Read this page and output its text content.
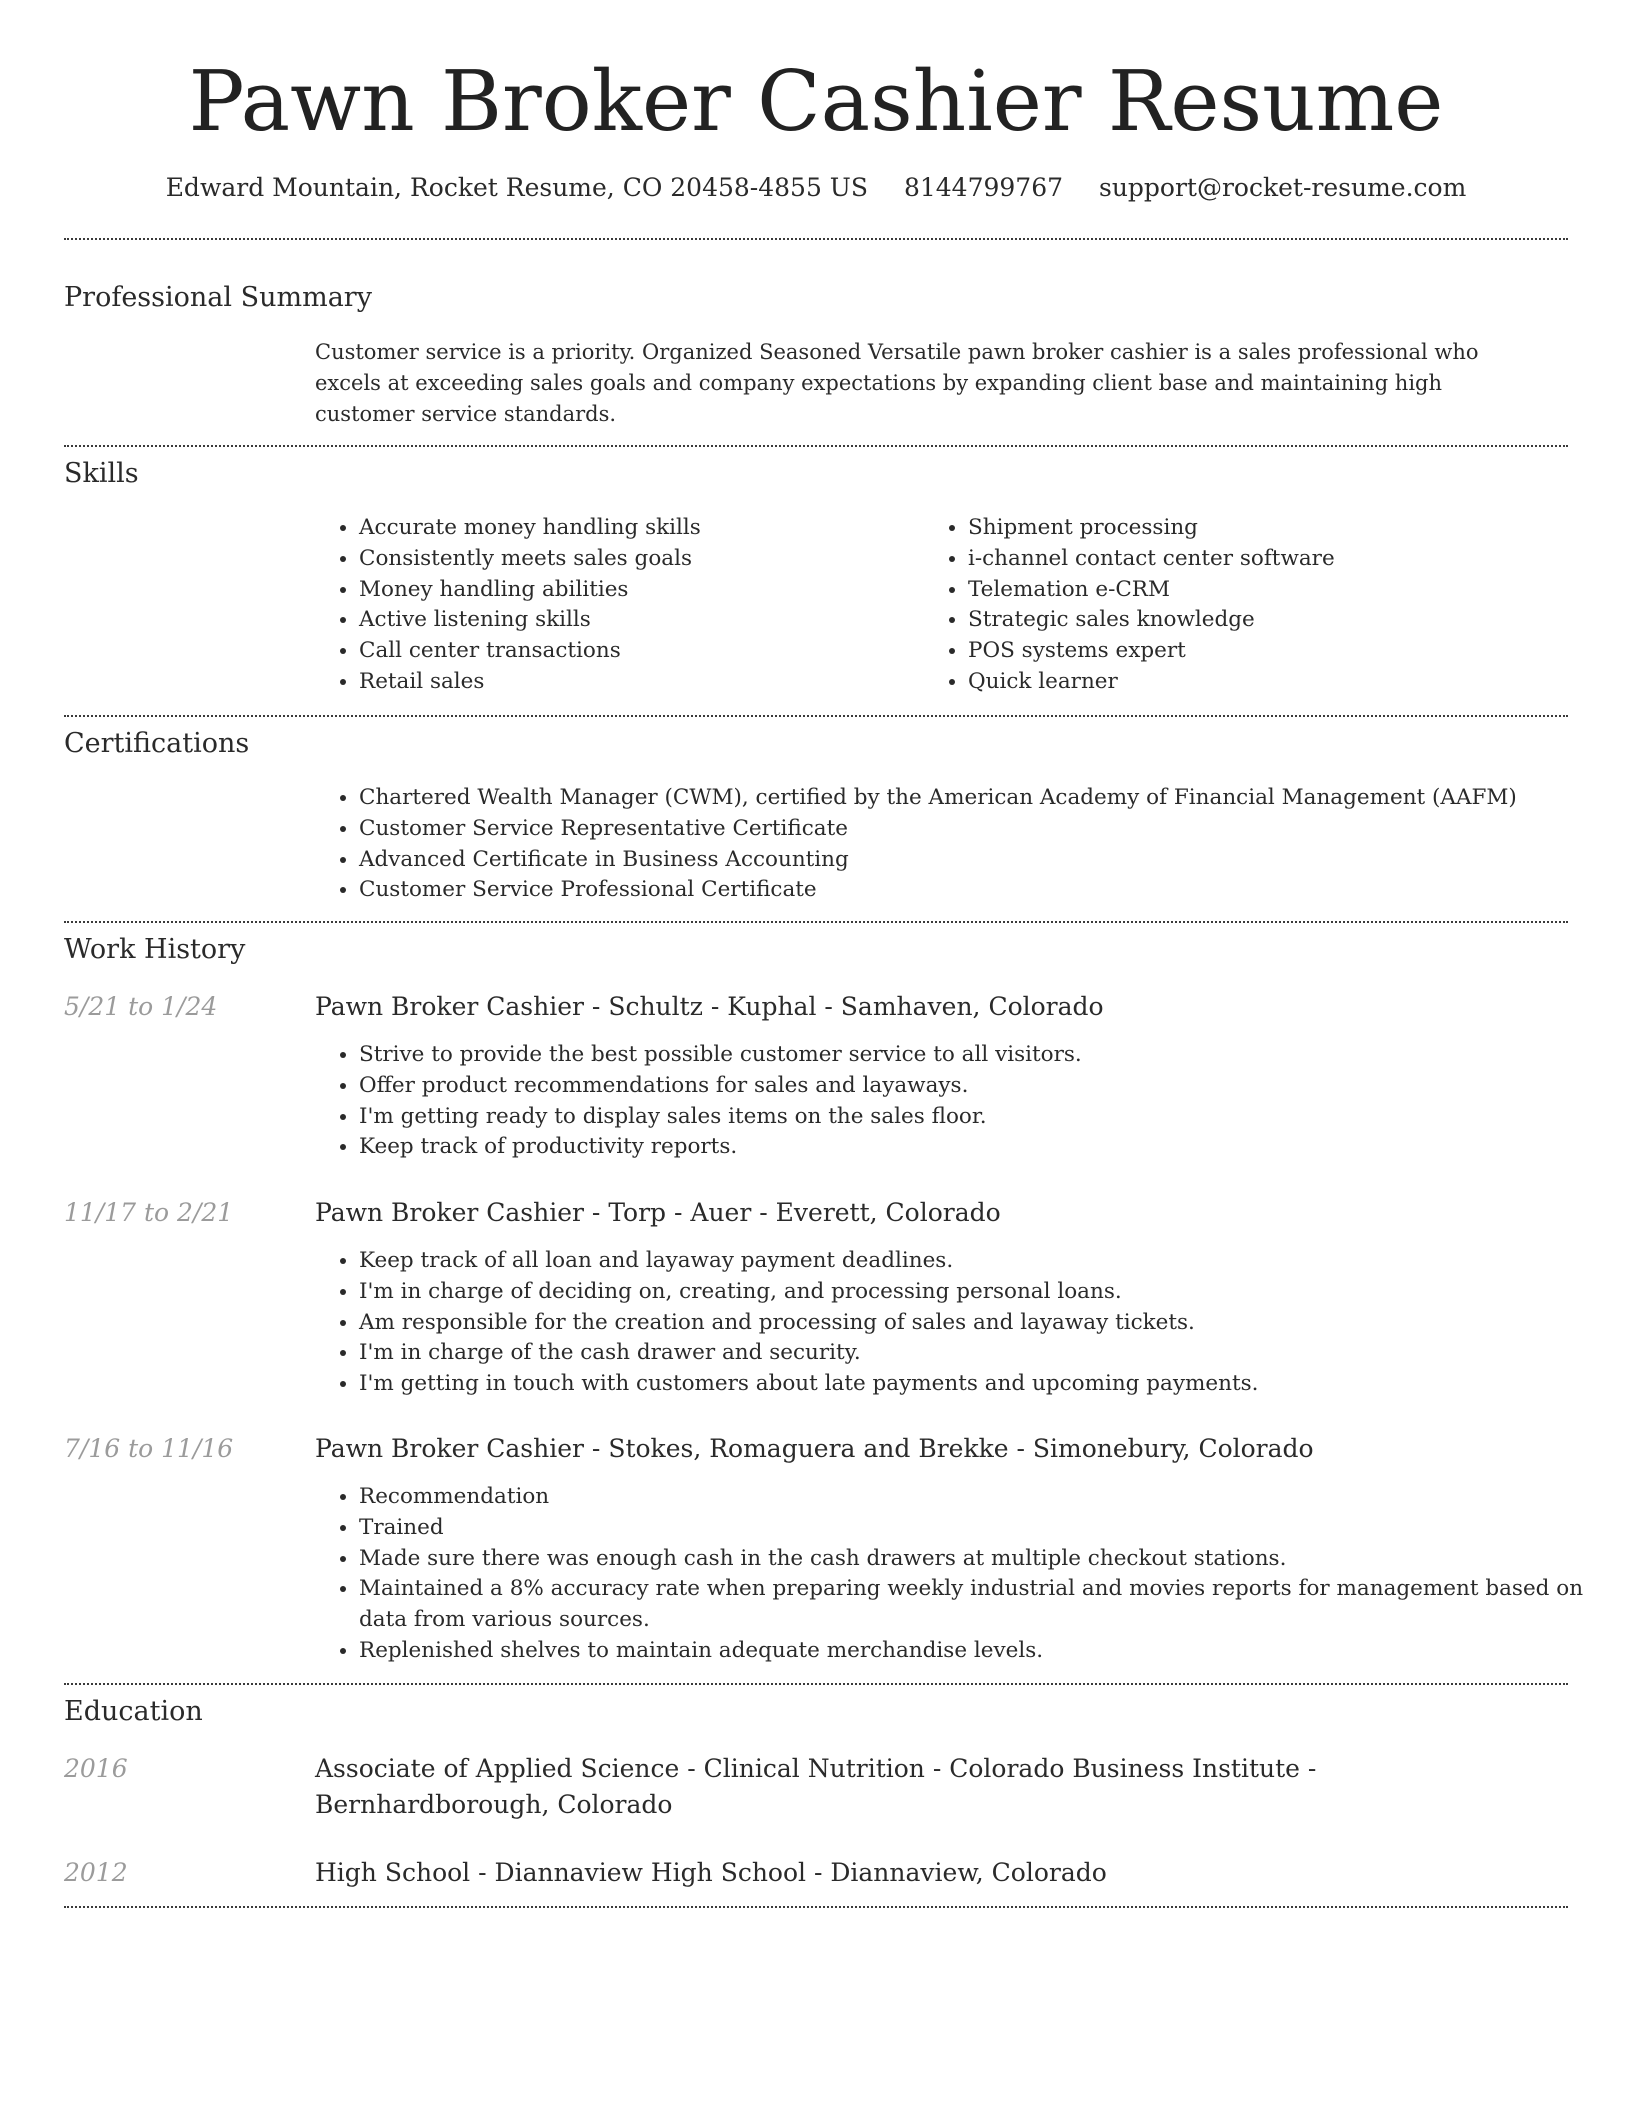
Pawn Broker Cashier Resume
Edward Mountain, Rocket Resume, CO 20458-4855 US 8144799767 support@rocket-resume.com
Professional Summary
Customer service is a priority. Organized Seasoned Versatile pawn broker cashier is a sales professional who excels at exceeding sales goals and company expectations by expanding client base and maintaining high customer service standards.
Skills
• Accurate money handling skills
• Consistently meets sales goals
• Money handling abilities
• Active listening skills
• Call center transactions
• Retail sales
• Shipment processing
• i-channel contact center software
• Telemation e-CRM
• Strategic sales knowledge
• POS systems expert
• Quick learner
Certifications
• Chartered Wealth Manager (CWM), certified by the American Academy of Financial Management (AAFM)
• Customer Service Representative Certificate
• Advanced Certificate in Business Accounting
• Customer Service Professional Certificate
Work History
5/21 to 1/24	Pawn Broker Cashier - Schultz - Kuphal - Samhaven, Colorado
• Strive to provide the best possible customer service to all visitors.
• Offer product recommendations for sales and layaways.
• I'm getting ready to display sales items on the sales floor.
• Keep track of productivity reports.
11/17 to 2/21	Pawn Broker Cashier - Torp - Auer - Everett, Colorado
• Keep track of all loan and layaway payment deadlines.
• I'm in charge of deciding on, creating, and processing personal loans.
• Am responsible for the creation and processing of sales and layaway tickets.
• I'm in charge of the cash drawer and security.
• I'm getting in touch with customers about late payments and upcoming payments.
7/16 to 11/16	Pawn Broker Cashier - Stokes, Romaguera and Brekke - Simonebury, Colorado
• Recommendation
• Trained
• Made sure there was enough cash in the cash drawers at multiple checkout stations.
• Maintained a 8% accuracy rate when preparing weekly industrial and movies reports for management based on data from various sources.
• Replenished shelves to maintain adequate merchandise levels.
Education
2016	Associate of Applied Science - Clinical Nutrition - Colorado Business Institute - Bernhardborough, Colorado
2012	High School - Diannaview High School - Diannaview, Colorado
